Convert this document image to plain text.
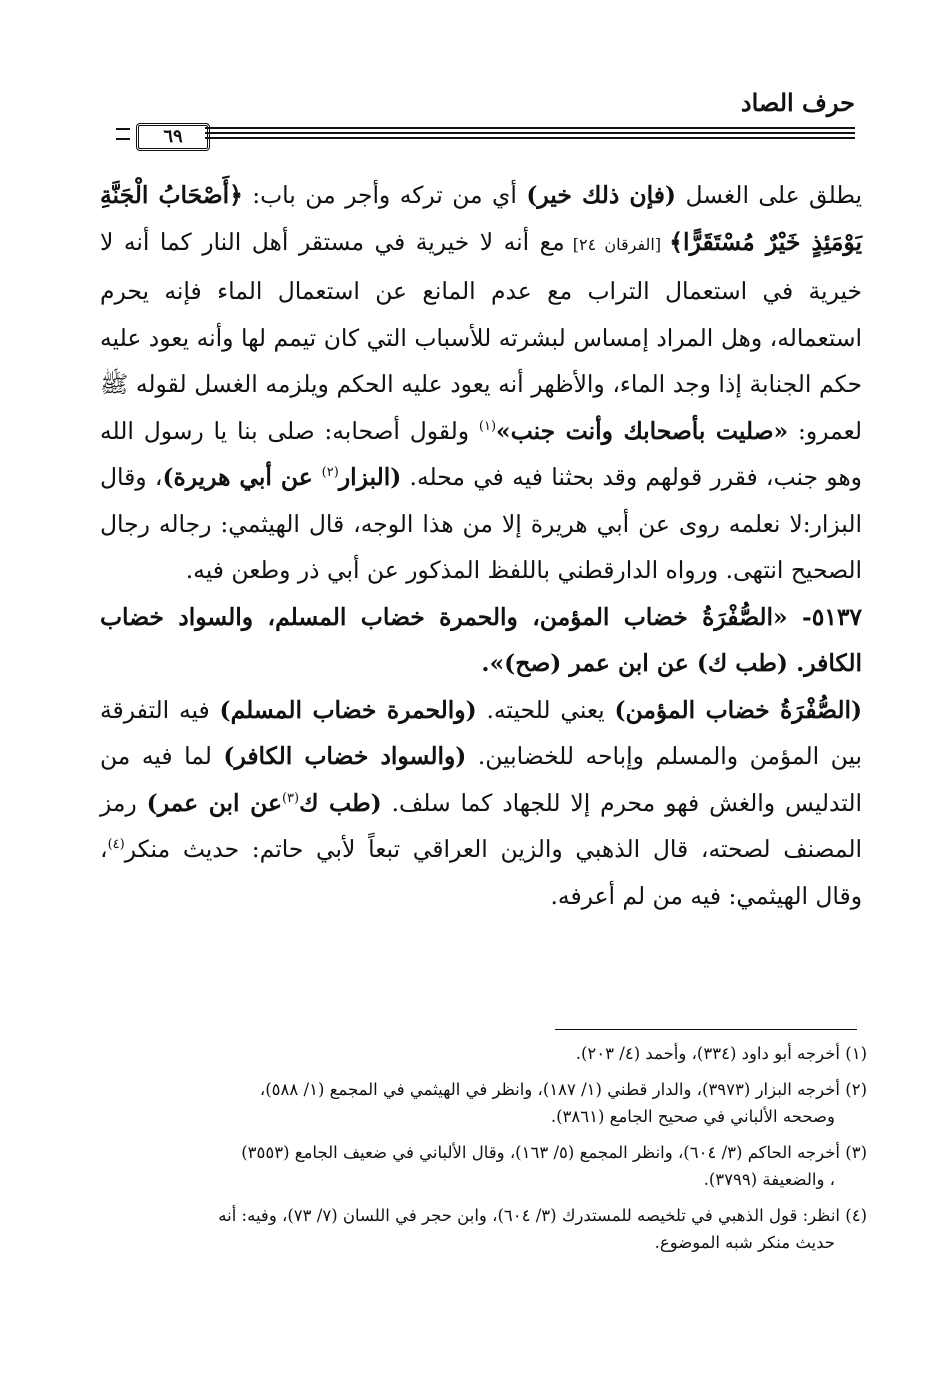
حرف الصاد
٦٩

يطلق على الغسل (فإن ذلك خير) أي من تركه وأجر من باب: ﴿أَصْحَابُ الْجَنَّةِ يَوْمَئِذٍ خَيْرٌ مُسْتَقَرًّا﴾ [الفرقان ٢٤] مع أنه لا خيرية في مستقر أهل النار كما أنه لا خيرية في استعمال التراب مع عدم المانع عن استعمال الماء فإنه يحرم استعماله، وهل المراد إمساس لبشرته للأسباب التي كان تيمم لها وأنه يعود عليه حكم الجنابة إذا وجد الماء، والأظهر أنه يعود عليه الحكم ويلزمه الغسل لقوله ﷺ لعمرو: «صليت بأصحابك وأنت جنب»$^{(١)}$ ولقول أصحابه: صلى بنا يا رسول الله وهو جنب، فقرر قولهم وقد بحثنا فيه في محله. (البزار$^{(٢)}$ عن أبي هريرة)، وقال البزار:لا نعلمه روى عن أبي هريرة إلا من هذا الوجه، قال الهيثمي: رجاله رجال الصحيح انتهى. ورواه الدارقطني باللفظ المذكور عن أبي ذر وطعن فيه.

٥١٣٧- «الصُّفْرَةُ خضاب المؤمن، والحمرة خضاب المسلم، والسواد خضاب الكافر. (طب ك) عن ابن عمر (صح)».

(الصُّفْرَةُ خضاب المؤمن) يعني للحيته. (والحمرة خضاب المسلم) فيه التفرقة بين المؤمن والمسلم وإباحه للخضابين. (والسواد خضاب الكافر) لما فيه من التدليس والغش فهو محرم إلا للجهاد كما سلف. (طب ك$^{(٣)}$عن ابن عمر) رمز المصنف لصحته، قال الذهبي والزين العراقي تبعاً لأبي حاتم: حديث منكر$^{(٤)}$، وقال الهيثمي: فيه من لم أعرفه.

(١) أخرجه أبو داود (٣٣٤)، وأحمد (٤/ ٢٠٣).

(٢) أخرجه البزار (٣٩٧٣)، والدار قطني (١/ ١٨٧)، وانظر في الهيثمي في المجمع (١/ ٥٨٨)،
وصححه الألباني في صحيح الجامع (٣٨٦١).

(٣) أخرجه الحاكم (٣/ ٦٠٤)، وانظر المجمع (٥/ ١٦٣)، وقال الألباني في ضعيف الجامع (٣٥٥٣)
، والضعيفة (٣٧٩٩).

(٤) انظر: قول الذهبي في تلخيصه للمستدرك (٣/ ٦٠٤)، وابن حجر في اللسان (٧/ ٧٣)، وفيه: أنه
حديث منكر شبه الموضوع.
